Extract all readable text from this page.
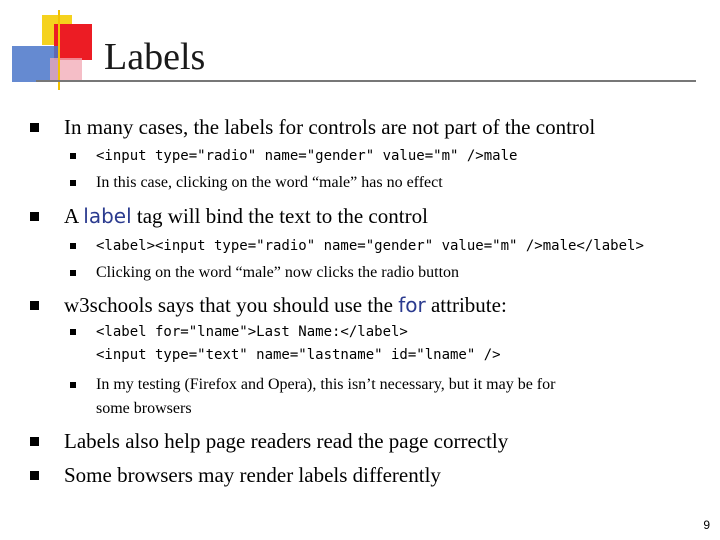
Labels
In many cases, the labels for controls are not part of the control
<input type="radio" name="gender" value="m" />male
In this case, clicking on the word “male” has no effect
A label tag will bind the text to the control
<label><input type="radio" name="gender" value="m" />male</label>
Clicking on the word “male” now clicks the radio button
w3schools says that you should use the for attribute:
<label for="lname">Last Name:</label>
<input type="text" name="lastname" id="lname" />
In my testing (Firefox and Opera), this isn’t necessary, but it may be for
some browsers
Labels also help page readers read the page correctly
Some browsers may render labels differently
9
